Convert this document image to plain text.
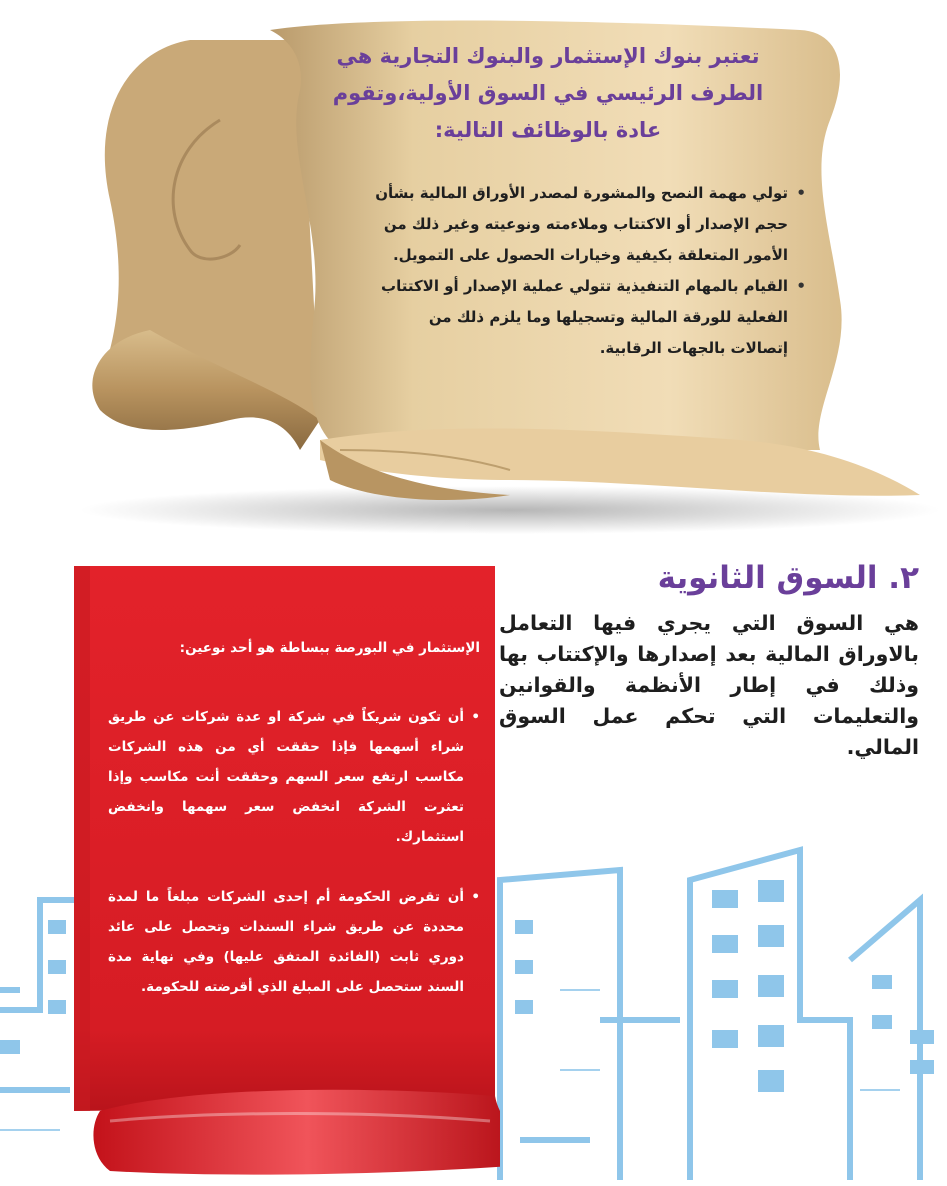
تعتبر بنوك الإستثمار والبنوك التجارية هي الطرف الرئيسي في السوق الأولية،وتقوم عادة بالوظائف التالية:

• تولي مهمة النصح والمشورة لمصدر الأوراق المالية بشأن حجم الإصدار أو الاكتتاب وملاءمته ونوعيته وغير ذلك من الأمور المتعلقة بكيفية وخيارات الحصول على التمويل.
• القيام بالمهام التنفيذية تتولي عملية الإصدار أو الاكتتاب الفعلية للورقة المالية وتسجيلها وما يلزم ذلك من إتصالات بالجهات الرقابية.
٢. السوق الثانوية

هي السوق التي يجري فيها التعامل بالاوراق المالية بعد إصدارها والإكتتاب بها وذلك في إطار الأنظمة والقوانين والتعليمات التي تحكم عمل السوق المالي.

الإستثمار في البورصة ببساطة هو أحد نوعين:

• أن تكون شريكاً في شركة او عدة شركات عن طريق شراء أسهمها فإذا حققت أي من هذه الشركات مكاسب ارتفع سعر السهم وحققت أنت مكاسب وإذا تعثرت الشركة انخفض سعر سهمها وانخفض استثمارك.
• أن تقرض الحكومة أم إحدى الشركات مبلغاً ما لمدة محددة عن طريق شراء السندات وتحصل على عائد دوري ثابت (الفائدة المتفق عليها) وفي نهاية مدة السند ستحصل على المبلغ الذي أقرضته للحكومة.
